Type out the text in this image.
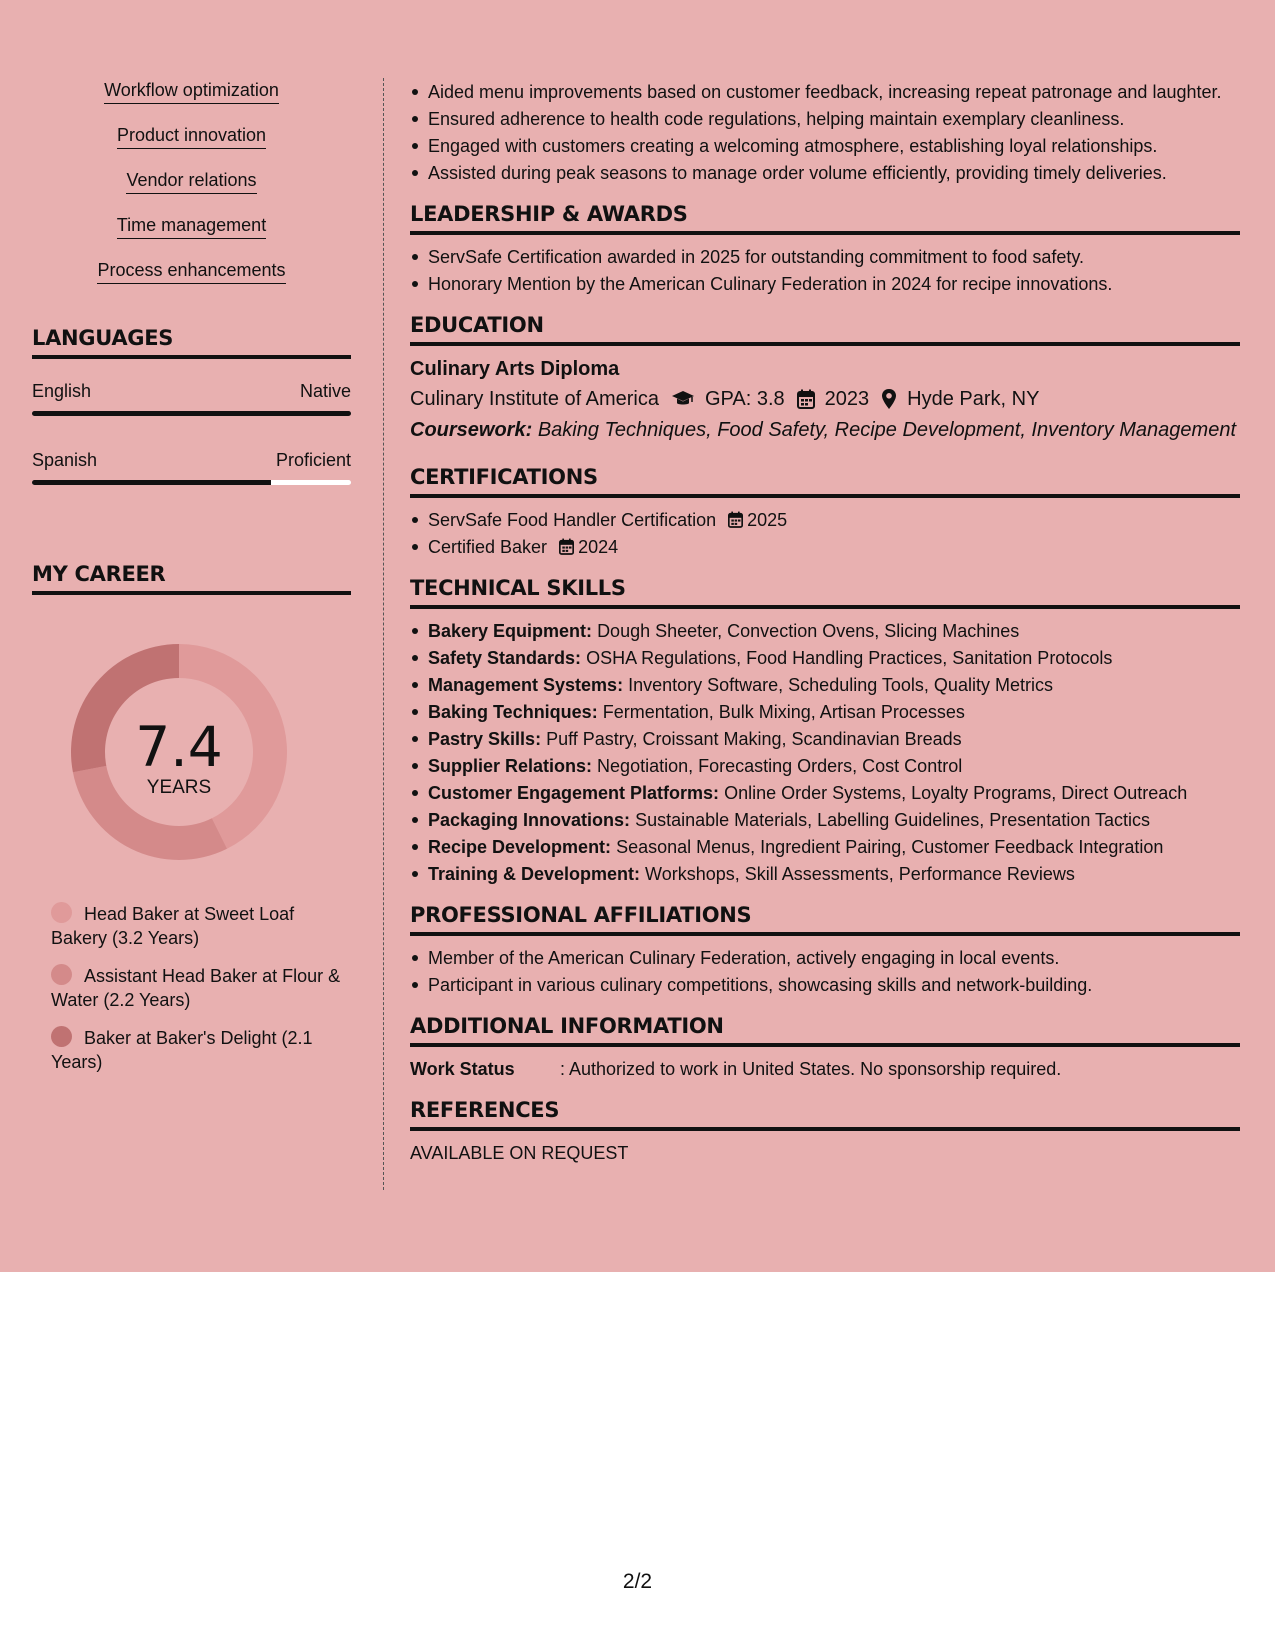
Workflow optimization
Product innovation
Vendor relations
Time management
Process enhancements
LANGUAGES
English	Native
Spanish	Proficient
MY CAREER
7.4
YEARS
Head Baker at Sweet Loaf Bakery (3.2 Years)
Assistant Head Baker at Flour & Water (2.2 Years)
Baker at Baker's Delight (2.1 Years)
Aided menu improvements based on customer feedback, increasing repeat patronage and laughter.
Ensured adherence to health code regulations, helping maintain exemplary cleanliness.
Engaged with customers creating a welcoming atmosphere, establishing loyal relationships.
Assisted during peak seasons to manage order volume efficiently, providing timely deliveries.
LEADERSHIP & AWARDS
ServSafe Certification awarded in 2025 for outstanding commitment to food safety.
Honorary Mention by the American Culinary Federation in 2024 for recipe innovations.
EDUCATION
Culinary Arts Diploma
Culinary Institute of America GPA: 3.8 2023 Hyde Park, NY
Coursework: Baking Techniques, Food Safety, Recipe Development, Inventory Management
CERTIFICATIONS
ServSafe Food Handler Certification 2025
Certified Baker 2024
TECHNICAL SKILLS
Bakery Equipment: Dough Sheeter, Convection Ovens, Slicing Machines
Safety Standards: OSHA Regulations, Food Handling Practices, Sanitation Protocols
Management Systems: Inventory Software, Scheduling Tools, Quality Metrics
Baking Techniques: Fermentation, Bulk Mixing, Artisan Processes
Pastry Skills: Puff Pastry, Croissant Making, Scandinavian Breads
Supplier Relations: Negotiation, Forecasting Orders, Cost Control
Customer Engagement Platforms: Online Order Systems, Loyalty Programs, Direct Outreach
Packaging Innovations: Sustainable Materials, Labelling Guidelines, Presentation Tactics
Recipe Development: Seasonal Menus, Ingredient Pairing, Customer Feedback Integration
Training & Development: Workshops, Skill Assessments, Performance Reviews
PROFESSIONAL AFFILIATIONS
Member of the American Culinary Federation, actively engaging in local events.
Participant in various culinary competitions, showcasing skills and network-building.
ADDITIONAL INFORMATION
Work Status	: Authorized to work in United States. No sponsorship required.
REFERENCES
AVAILABLE ON REQUEST
2/2
